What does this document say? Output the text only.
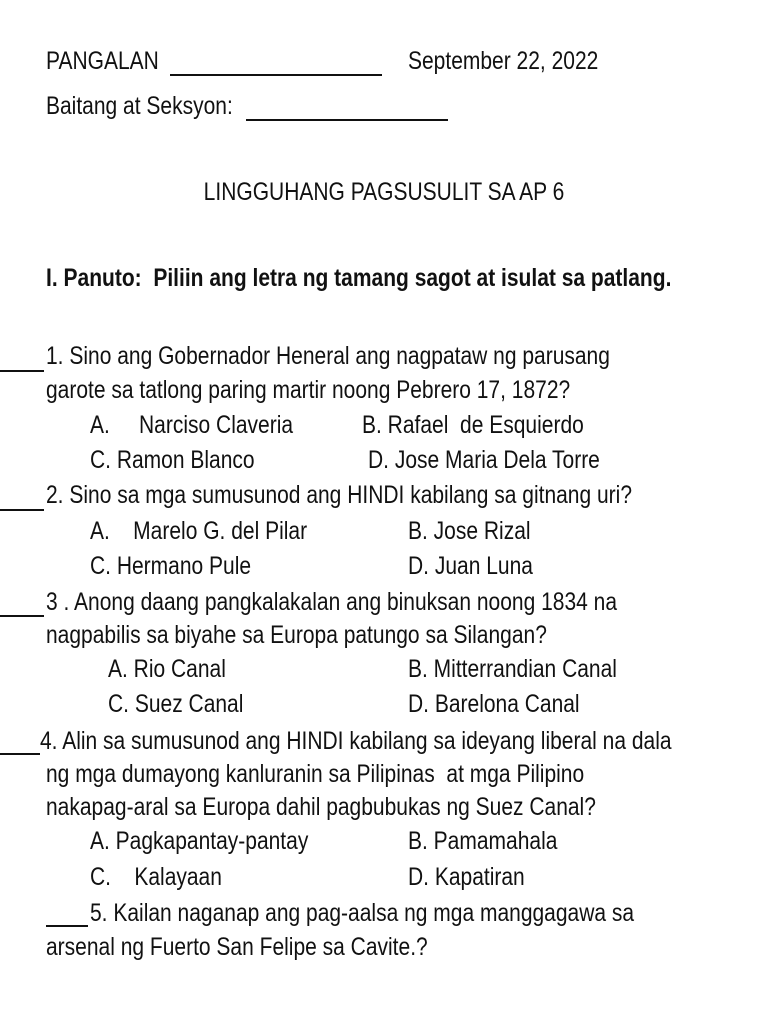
PANGALAN	September 22, 2022
Baitang at Seksyon:
LINGGUHANG PAGSUSULIT SA AP 6
I. Panuto:  Piliin ang letra ng tamang sagot at isulat sa patlang.
1. Sino ang Gobernador Heneral ang nagpataw ng parusang
garote sa tatlong paring martir noong Pebrero 17, 1872?
A.     Narciso Claveria	B. Rafael  de Esquierdo
C. Ramon Blanco	D. Jose Maria Dela Torre
2. Sino sa mga sumusunod ang HINDI kabilang sa gitnang uri?
A.    Marelo G. del Pilar	B. Jose Rizal
C. Hermano Pule	D. Juan Luna
3 . Anong daang pangkalakalan ang binuksan noong 1834 na
nagpabilis sa biyahe sa Europa patungo sa Silangan?
A. Rio Canal	B. Mitterrandian Canal
C. Suez Canal	D. Barelona Canal
4. Alin sa sumusunod ang HINDI kabilang sa ideyang liberal na dala
ng mga dumayong kanluranin sa Pilipinas  at mga Pilipino
nakapag-aral sa Europa dahil pagbubukas ng Suez Canal?
A. Pagkapantay-pantay	B. Pamamahala
C.    Kalayaan	D. Kapatiran
5. Kailan naganap ang pag-aalsa ng mga manggagawa sa
arsenal ng Fuerto San Felipe sa Cavite.?
